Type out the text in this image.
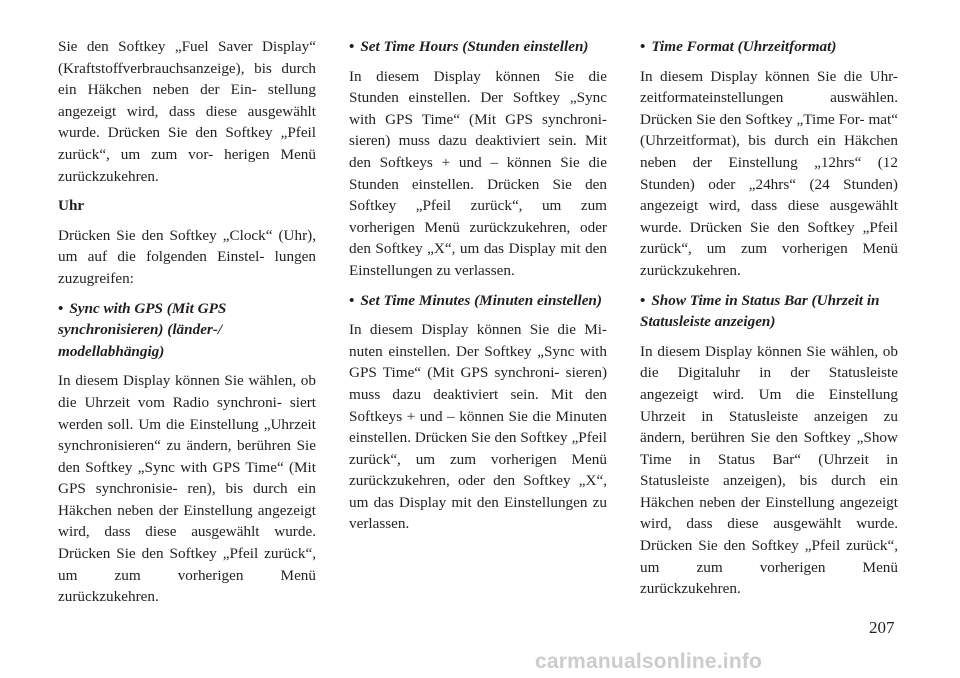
Sie den Softkey „Fuel Saver Display“ (Kraftstoffverbrauchsanzeige), bis durch ein Häkchen neben der Ein- stellung angezeigt wird, dass diese ausgewählt wurde. Drücken Sie den Softkey „Pfeil zurück“, um zum vor- herigen Menü zurückzukehren.

Uhr

Drücken Sie den Softkey „Clock“ (Uhr), um auf die folgenden Einstel- lungen zuzugreifen:

• Sync with GPS (Mit GPS synchronisieren) (länder-/ modellabhängig)

In diesem Display können Sie wählen, ob die Uhrzeit vom Radio synchroni- siert werden soll. Um die Einstellung „Uhrzeit synchronisieren“ zu ändern, berühren Sie den Softkey „Sync with GPS Time“ (Mit GPS synchronisie- ren), bis durch ein Häkchen neben der Einstellung angezeigt wird, dass diese ausgewählt wurde. Drücken Sie den Softkey „Pfeil zurück“, um zum vorherigen Menü zurückzukehren.

• Set Time Hours (Stunden einstellen)

In diesem Display können Sie die Stunden einstellen. Der Softkey „Sync with GPS Time“ (Mit GPS synchroni- sieren) muss dazu deaktiviert sein. Mit den Softkeys + und – können Sie die Stunden einstellen. Drücken Sie den Softkey „Pfeil zurück“, um zum vorherigen Menü zurückzukehren, oder den Softkey „X“, um das Display mit den Einstellungen zu verlassen.

• Set Time Minutes (Minuten einstellen)

In diesem Display können Sie die Mi- nuten einstellen. Der Softkey „Sync with GPS Time“ (Mit GPS synchroni- sieren) muss dazu deaktiviert sein. Mit den Softkeys + und – können Sie die Minuten einstellen. Drücken Sie den Softkey „Pfeil zurück“, um zum vorherigen Menü zurückzukehren, oder den Softkey „X“, um das Display mit den Einstellungen zu verlassen.

• Time Format (Uhrzeitformat)

In diesem Display können Sie die Uhr- zeitformateinstellungen auswählen. Drücken Sie den Softkey „Time For- mat“ (Uhrzeitformat), bis durch ein Häkchen neben der Einstellung „12hrs“ (12 Stunden) oder „24hrs“ (24 Stunden) angezeigt wird, dass diese ausgewählt wurde. Drücken Sie den Softkey „Pfeil zurück“, um zum vorherigen Menü zurückzukehren.

• Show Time in Status Bar (Uhrzeit in Statusleiste anzeigen)

In diesem Display können Sie wählen, ob die Digitaluhr in der Statusleiste angezeigt wird. Um die Einstellung Uhrzeit in Statusleiste anzeigen zu ändern, berühren Sie den Softkey „Show Time in Status Bar“ (Uhrzeit in Statusleiste anzeigen), bis durch ein Häkchen neben der Einstellung angezeigt wird, dass diese ausgewählt wurde. Drücken Sie den Softkey „Pfeil zurück“, um zum vorherigen Menü zurückzukehren.

207
carmanualsonline.info
